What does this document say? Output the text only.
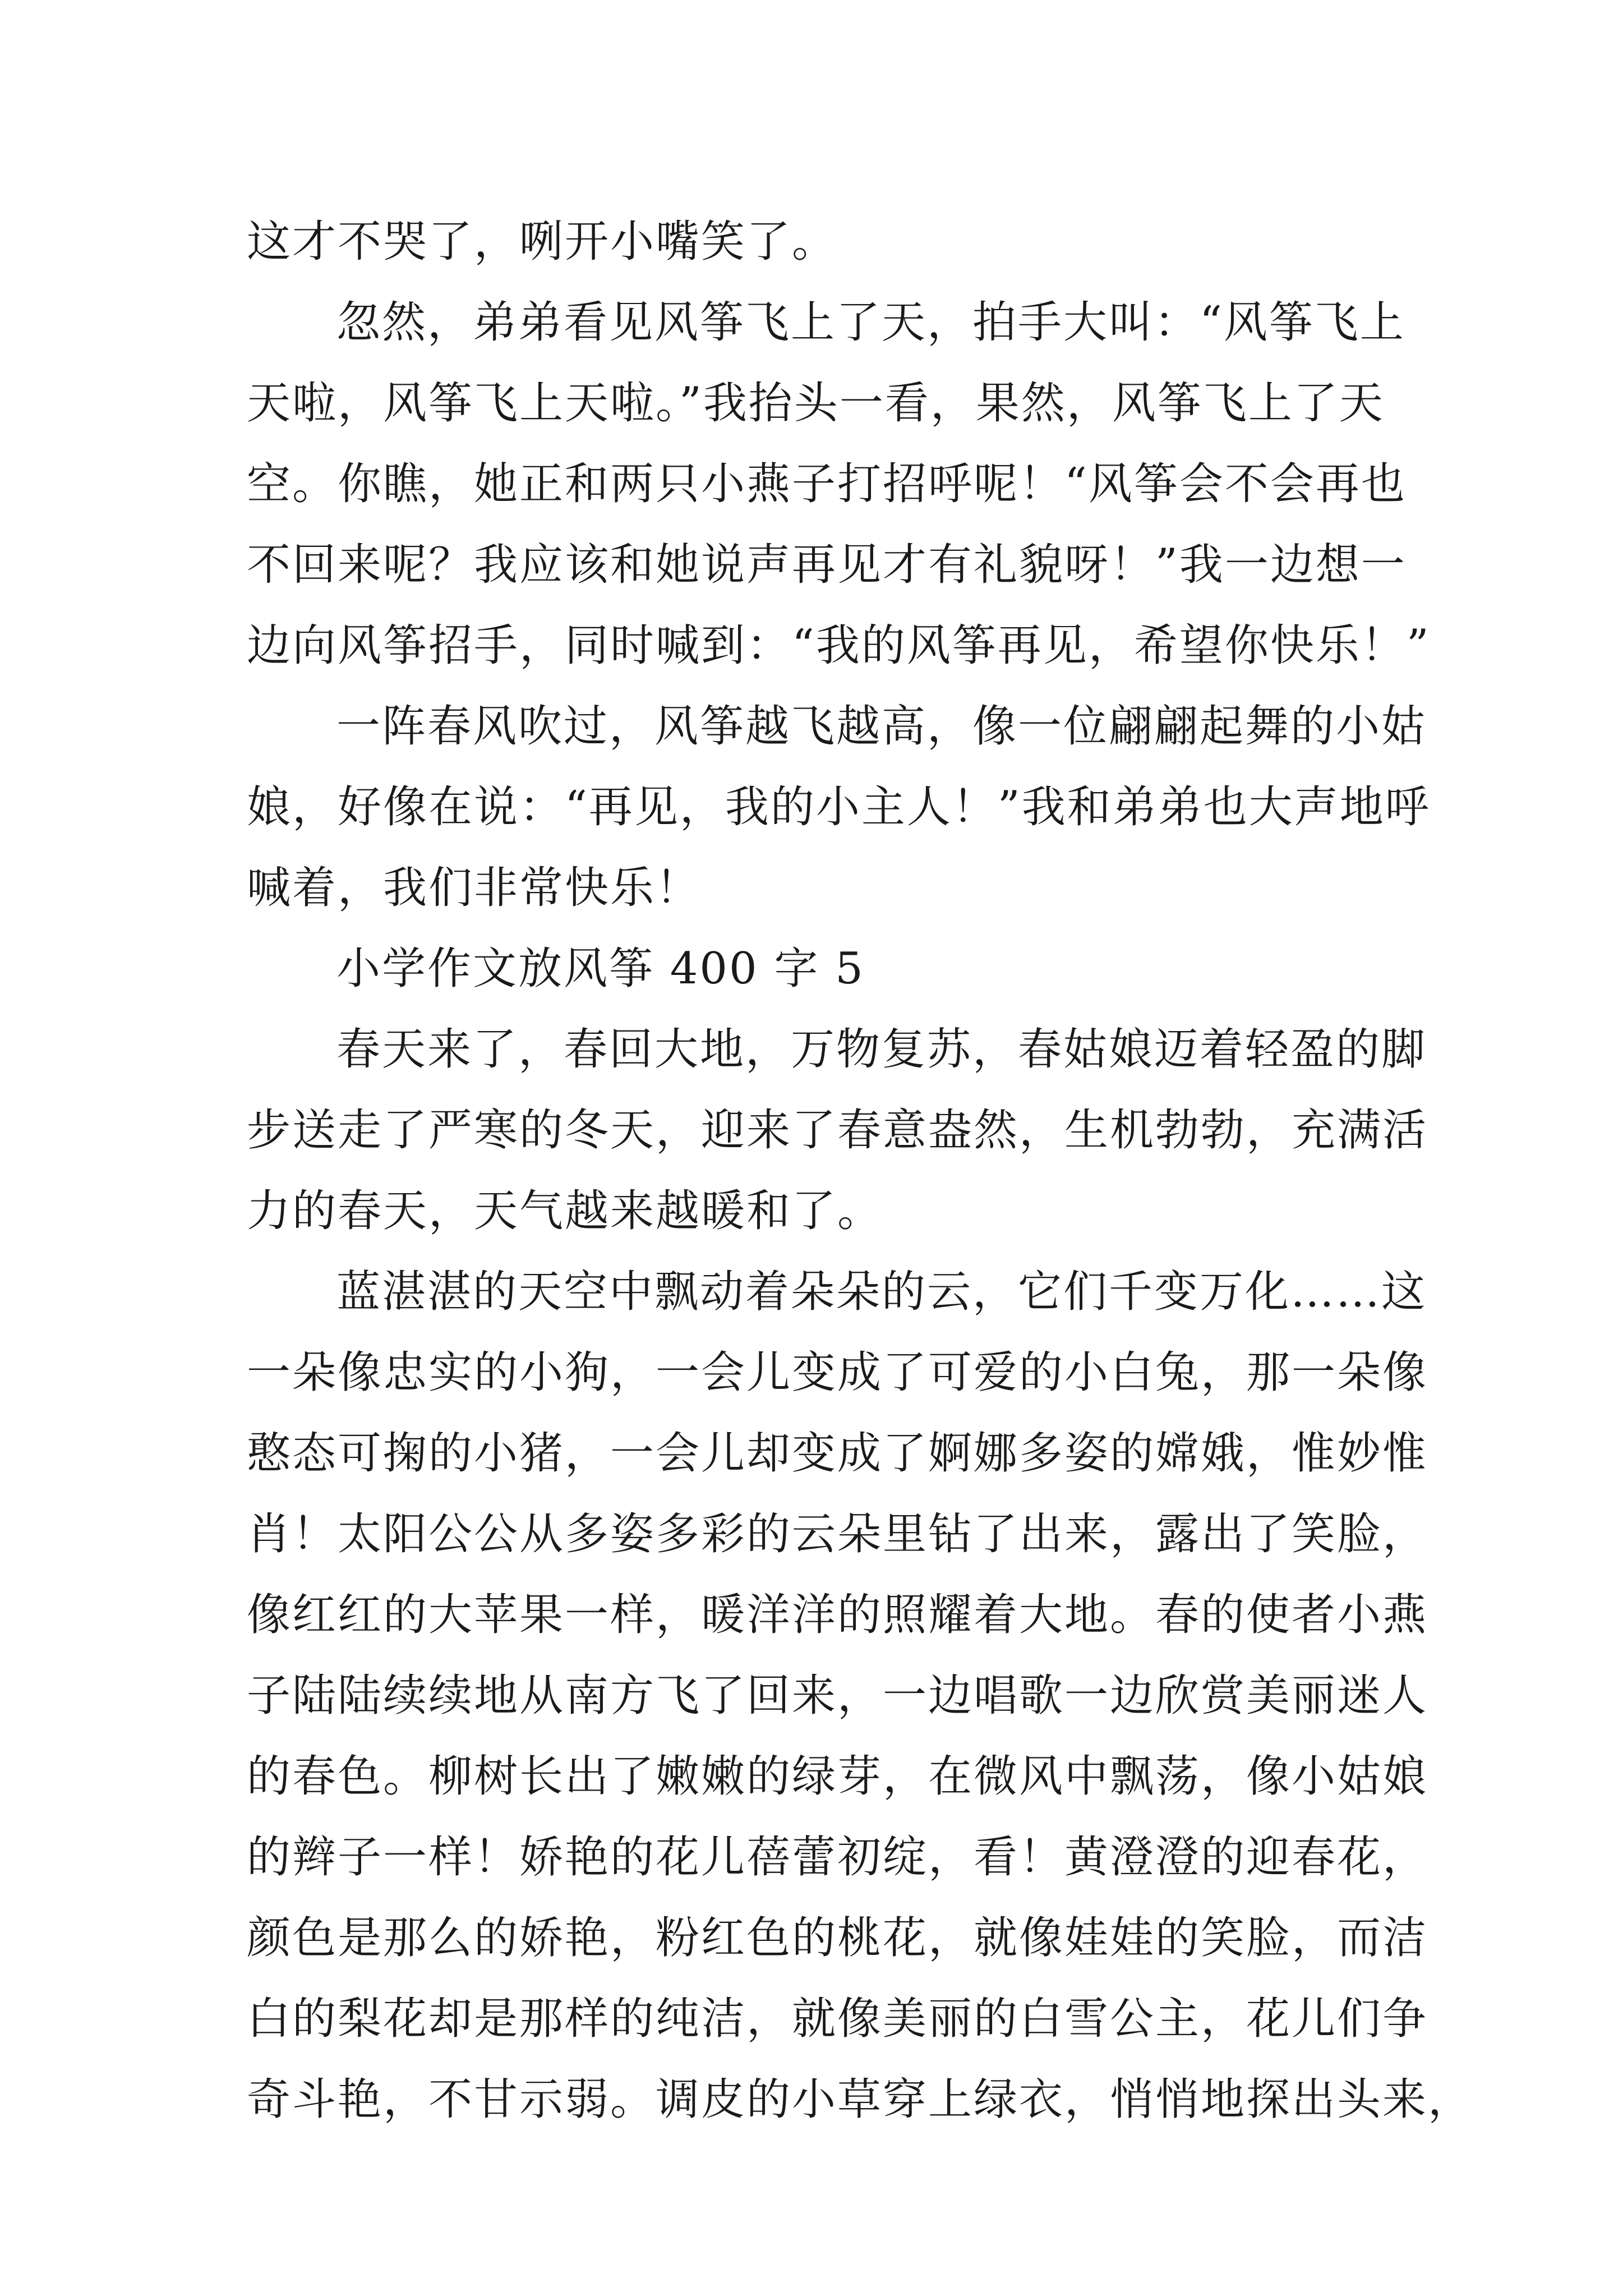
这才不哭了，咧开小嘴笑了。
忽然，弟弟看见风筝飞上了天，拍手大叫：“风筝飞上
天啦，风筝飞上天啦。”我抬头一看，果然，风筝飞上了天
空。你瞧，她正和两只小燕子打招呼呢！“风筝会不会再也
不回来呢？我应该和她说声再见才有礼貌呀！”我一边想一
边向风筝招手，同时喊到：“我的风筝再见，希望你快乐！”
一阵春风吹过，风筝越飞越高，像一位翩翩起舞的小姑
娘，好像在说：“再见，我的小主人！”我和弟弟也大声地呼
喊着，我们非常快乐！
小学作文放风筝 400 字 5
春天来了，春回大地，万物复苏，春姑娘迈着轻盈的脚
步送走了严寒的冬天，迎来了春意盎然，生机勃勃，充满活
力的春天，天气越来越暖和了。
蓝湛湛的天空中飘动着朵朵的云，它们千变万化……这
一朵像忠实的小狗，一会儿变成了可爱的小白兔，那一朵像
憨态可掬的小猪，一会儿却变成了婀娜多姿的嫦娥，惟妙惟
肖！太阳公公从多姿多彩的云朵里钻了出来，露出了笑脸，
像红红的大苹果一样，暖洋洋的照耀着大地。春的使者小燕
子陆陆续续地从南方飞了回来，一边唱歌一边欣赏美丽迷人
的春色。柳树长出了嫩嫩的绿芽，在微风中飘荡，像小姑娘
的辫子一样！娇艳的花儿蓓蕾初绽，看！黄澄澄的迎春花，
颜色是那么的娇艳，粉红色的桃花，就像娃娃的笑脸，而洁
白的梨花却是那样的纯洁，就像美丽的白雪公主，花儿们争
奇斗艳，不甘示弱。调皮的小草穿上绿衣，悄悄地探出头来，
